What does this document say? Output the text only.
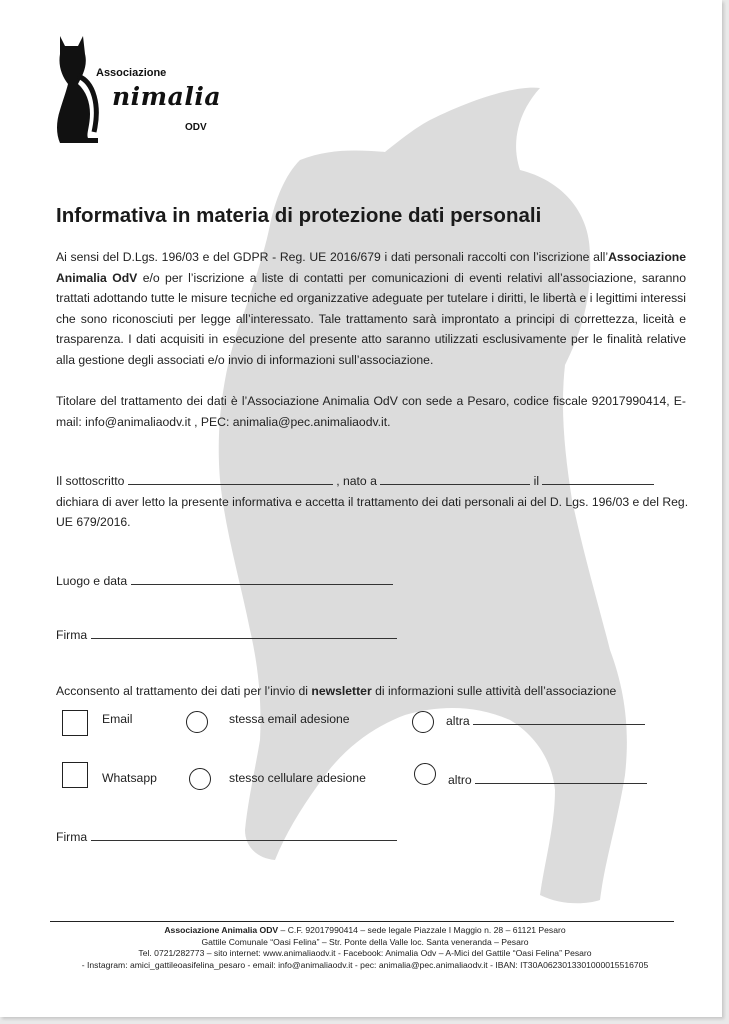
Associazione
nimalia
ODV
Informativa in materia di protezione dati personali

Ai sensi del D.Lgs. 196/03 e del GDPR - Reg. UE 2016/679 i dati personali raccolti con l’iscrizione all’Associazione Animalia OdV e/o per l’iscrizione a liste di contatti per comunicazioni di eventi relativi all’associazione, saranno trattati adottando tutte le misure tecniche ed organizzative adeguate per tutelare i diritti, le libertà e i legittimi interessi che sono riconosciuti per legge all’interessato. Tale trattamento sarà improntato a principi di correttezza, liceità e trasparenza. I dati acquisiti in esecuzione del presente atto saranno utilizzati esclusivamente per le finalità relative alla gestione degli associati e/o invio di informazioni sull’associazione.

Titolare del trattamento dei dati è l’Associazione Animalia OdV con sede a Pesaro, codice fiscale 92017990414, E-mail: info@animaliaodv.it , PEC: animalia@pec.animaliaodv.it.

Il sottoscritto	, nato a	il
dichiara di aver letto la presente informativa e accetta il trattamento dei dati personali ai del D. Lgs. 196/03 e del Reg. UE 679/2016.
Luogo e data
Firma
Acconsento al trattamento dei dati per l’invio di newsletter di informazioni sulle attività dell’associazione
Email	stessa email adesione	altra
Whatsapp	stesso cellulare adesione	altro
Firma
Associazione Animalia ODV – C.F. 92017990414 – sede legale Piazzale I Maggio n. 28 – 61121 Pesaro
Gattile Comunale “Oasi Felina” – Str. Ponte della Valle loc. Santa veneranda – Pesaro
Tel. 0721/282773 – sito internet: www.animaliaodv.it - Facebook: Animalia Odv – A-Mici del Gattile “Oasi Felina” Pesaro
- Instagram: amici_gattileoasifelina_pesaro - email: info@animaliaodv.it - pec: animalia@pec.animaliaodv.it - IBAN: IT30A0623013301000015516705
